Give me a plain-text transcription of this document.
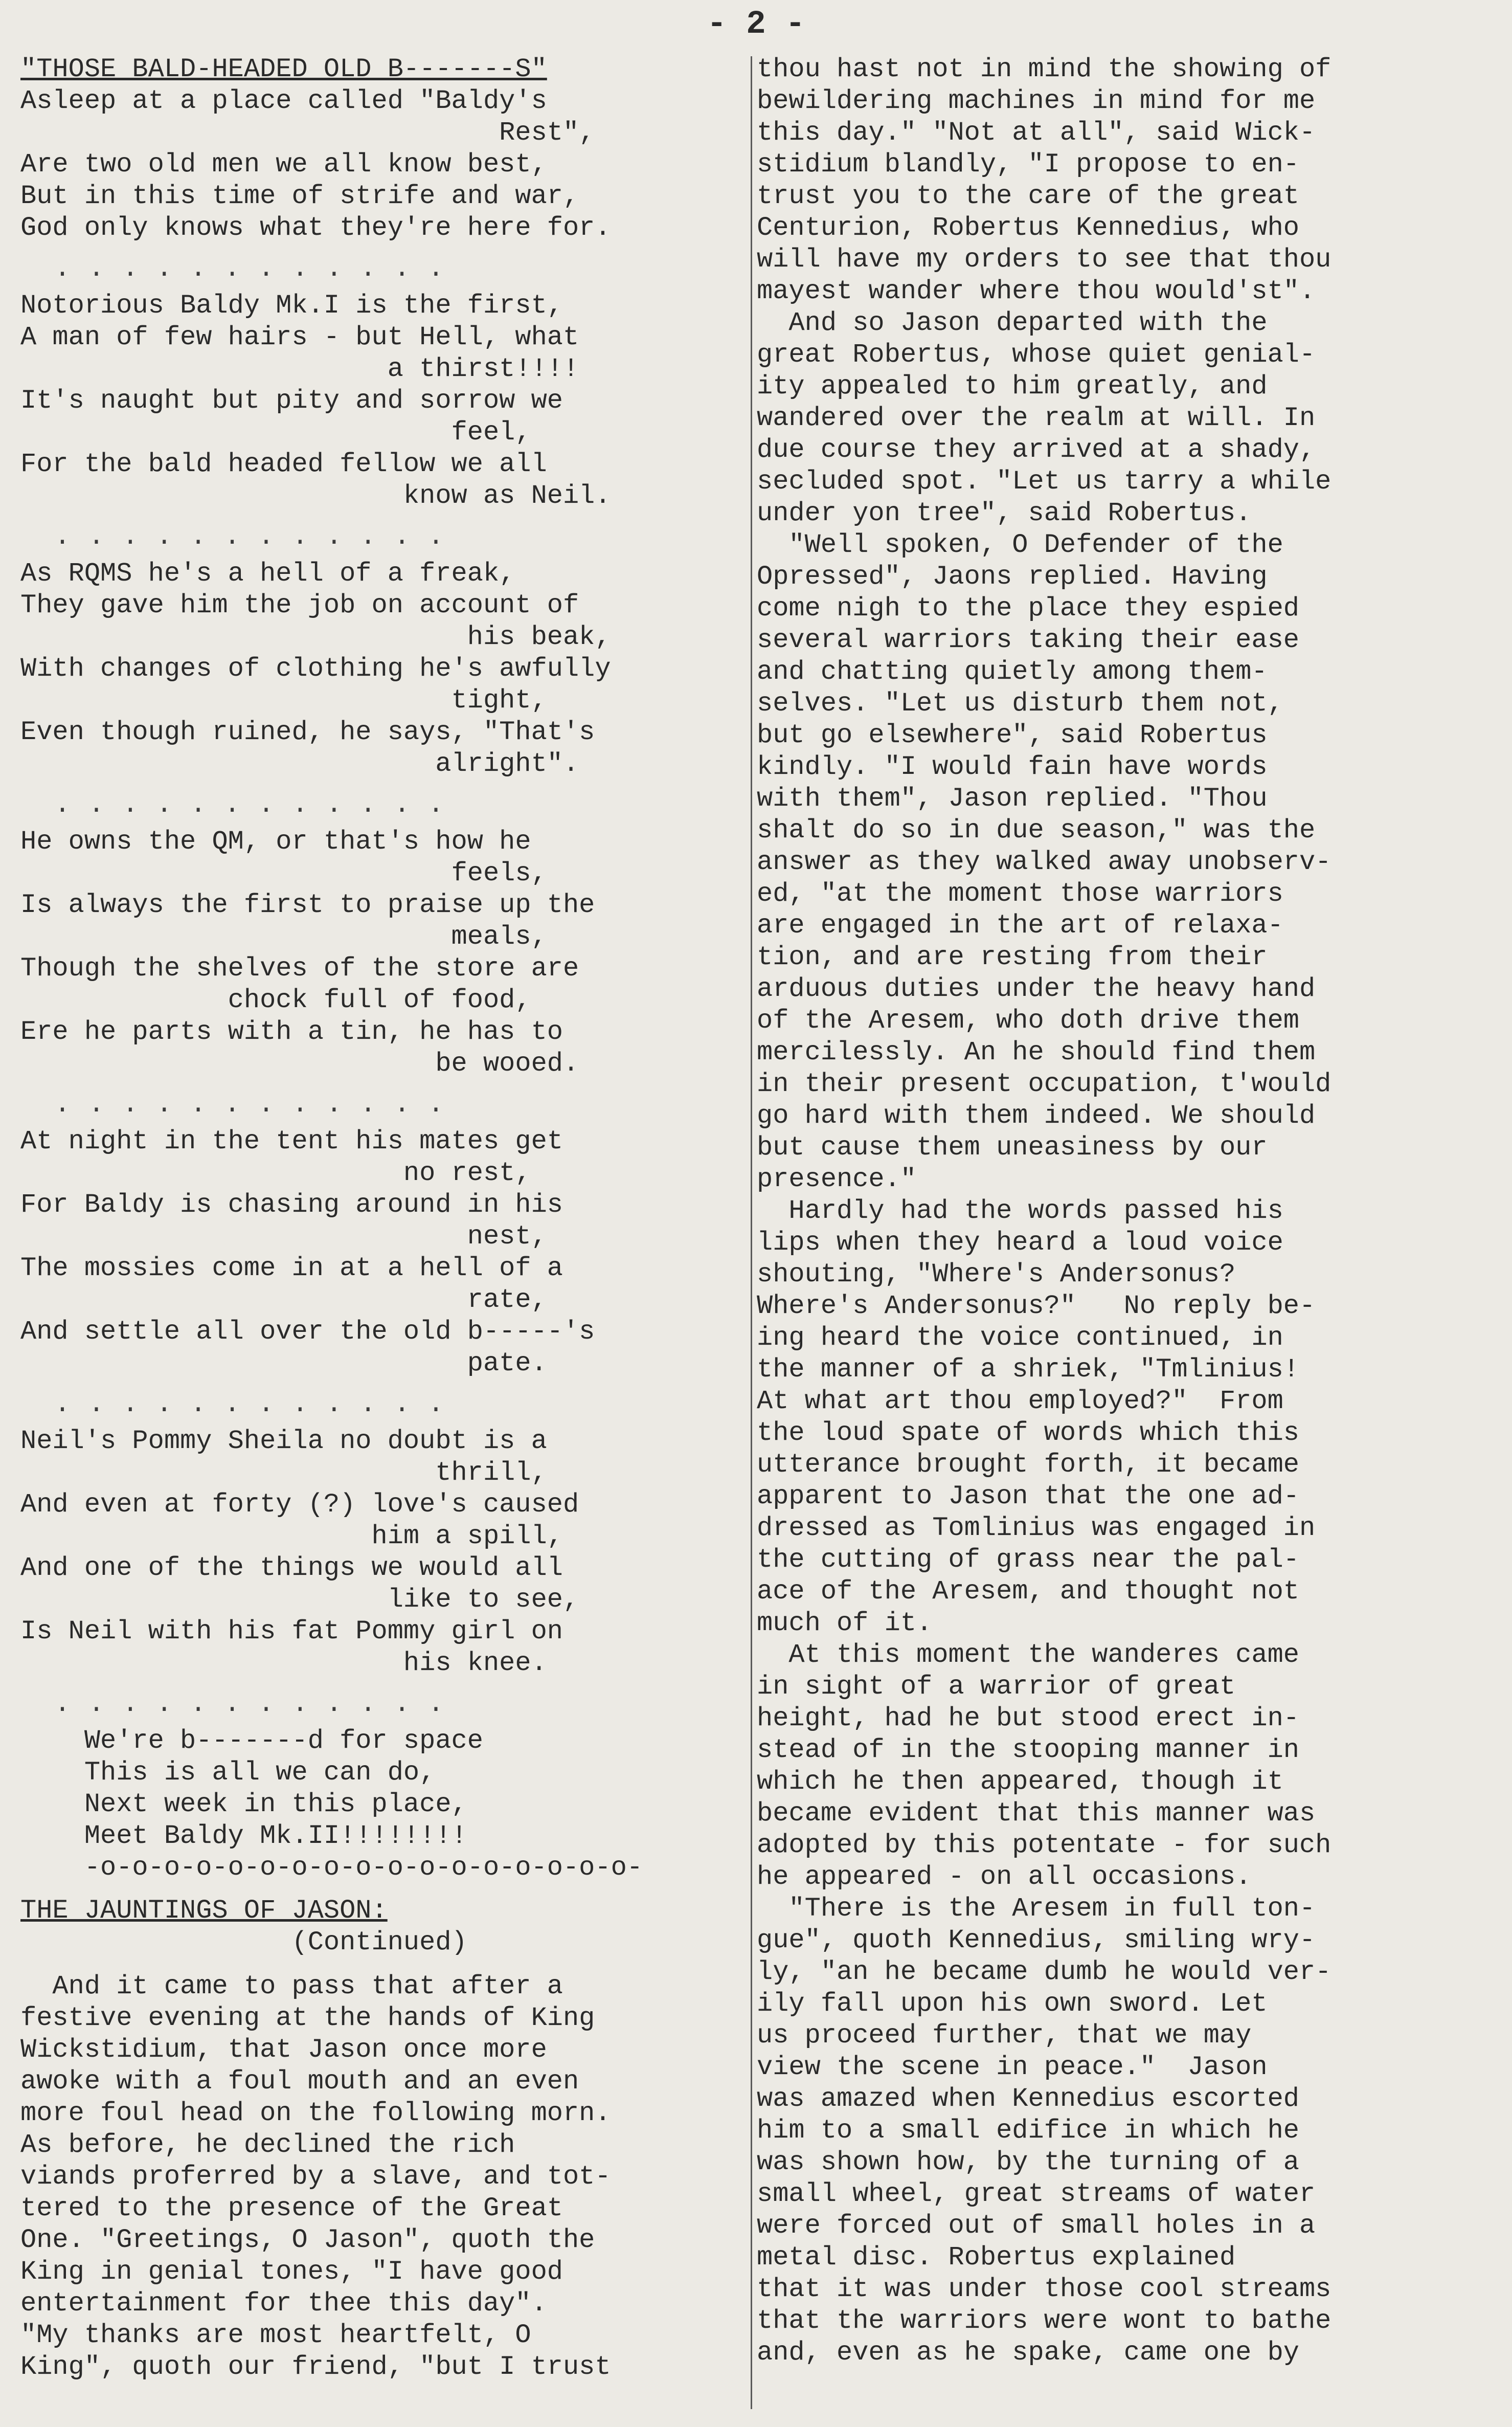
- 2 -
"THOSE BALD-HEADED OLD B-------S"
Asleep at a place called "Baldy's
Rest",
Are two old men we all know best,
But in this time of strife and war,
God only knows what they're here for.
. . . . . . . . . . . .
Notorious Baldy Mk.I is the first,
A man of few hairs - but Hell, what
a thirst!!!!
It's naught but pity and sorrow we
feel,
For the bald headed fellow we all
know as Neil.
. . . . . . . . . . . .
As RQMS he's a hell of a freak,
They gave him the job on account of
his beak,
With changes of clothing he's awfully
tight,
Even though ruined, he says, "That's
alright".
. . . . . . . . . . . .
He owns the QM, or that's how he
feels,
Is always the first to praise up the
meals,
Though the shelves of the store are
chock full of food,
Ere he parts with a tin, he has to
be wooed.
. . . . . . . . . . . .
At night in the tent his mates get
no rest,
For Baldy is chasing around in his
nest,
The mossies come in at a hell of a
rate,
And settle all over the old b-----'s
pate.
. . . . . . . . . . . .
Neil's Pommy Sheila no doubt is a
thrill,
And even at forty (?) love's caused
him a spill,
And one of the things we would all
like to see,
Is Neil with his fat Pommy girl on
his knee.
. . . . . . . . . . . .
We're b-------d for space
This is all we can do,
Next week in this place,
Meet Baldy Mk.II!!!!!!!!
-o-o-o-o-o-o-o-o-o-o-o-o-o-o-o-o-o-
THE JAUNTINGS OF JASON:
(Continued)
And it came to pass that after a
festive evening at the hands of King
Wickstidium, that Jason once more
awoke with a foul mouth and an even
more foul head on the following morn.
As before, he declined the rich
viands proferred by a slave, and tot-
tered to the presence of the Great
One. "Greetings, O Jason", quoth the
King in genial tones, "I have good
entertainment for thee this day".
"My thanks are most heartfelt, O
King", quoth our friend, "but I trust
thou hast not in mind the showing of
bewildering machines in mind for me
this day." "Not at all", said Wick-
stidium blandly, "I propose to en-
trust you to the care of the great
Centurion, Robertus Kennedius, who
will have my orders to see that thou
mayest wander where thou would'st".
And so Jason departed with the
great Robertus, whose quiet genial-
ity appealed to him greatly, and
wandered over the realm at will. In
due course they arrived at a shady,
secluded spot. "Let us tarry a while
under yon tree", said Robertus.
"Well spoken, O Defender of the
Opressed", Jaons replied. Having
come nigh to the place they espied
several warriors taking their ease
and chatting quietly among them-
selves. "Let us disturb them not,
but go elsewhere", said Robertus
kindly. "I would fain have words
with them", Jason replied. "Thou
shalt do so in due season," was the
answer as they walked away unobserv-
ed, "at the moment those warriors
are engaged in the art of relaxa-
tion, and are resting from their
arduous duties under the heavy hand
of the Aresem, who doth drive them
mercilessly. An he should find them
in their present occupation, t'would
go hard with them indeed. We should
but cause them uneasiness by our
presence."
Hardly had the words passed his
lips when they heard a loud voice
shouting, "Where's Andersonus?
Where's Andersonus?"   No reply be-
ing heard the voice continued, in
the manner of a shriek, "Tmlinius!
At what art thou employed?"  From
the loud spate of words which this
utterance brought forth, it became
apparent to Jason that the one ad-
dressed as Tomlinius was engaged in
the cutting of grass near the pal-
ace of the Aresem, and thought not
much of it.
At this moment the wanderes came
in sight of a warrior of great
height, had he but stood erect in-
stead of in the stooping manner in
which he then appeared, though it
became evident that this manner was
adopted by this potentate - for such
he appeared - on all occasions.
"There is the Aresem in full ton-
gue", quoth Kennedius, smiling wry-
ly, "an he became dumb he would ver-
ily fall upon his own sword. Let
us proceed further, that we may
view the scene in peace."  Jason
was amazed when Kennedius escorted
him to a small edifice in which he
was shown how, by the turning of a
small wheel, great streams of water
were forced out of small holes in a
metal disc. Robertus explained
that it was under those cool streams
that the warriors were wont to bathe
and, even as he spake, came one by
